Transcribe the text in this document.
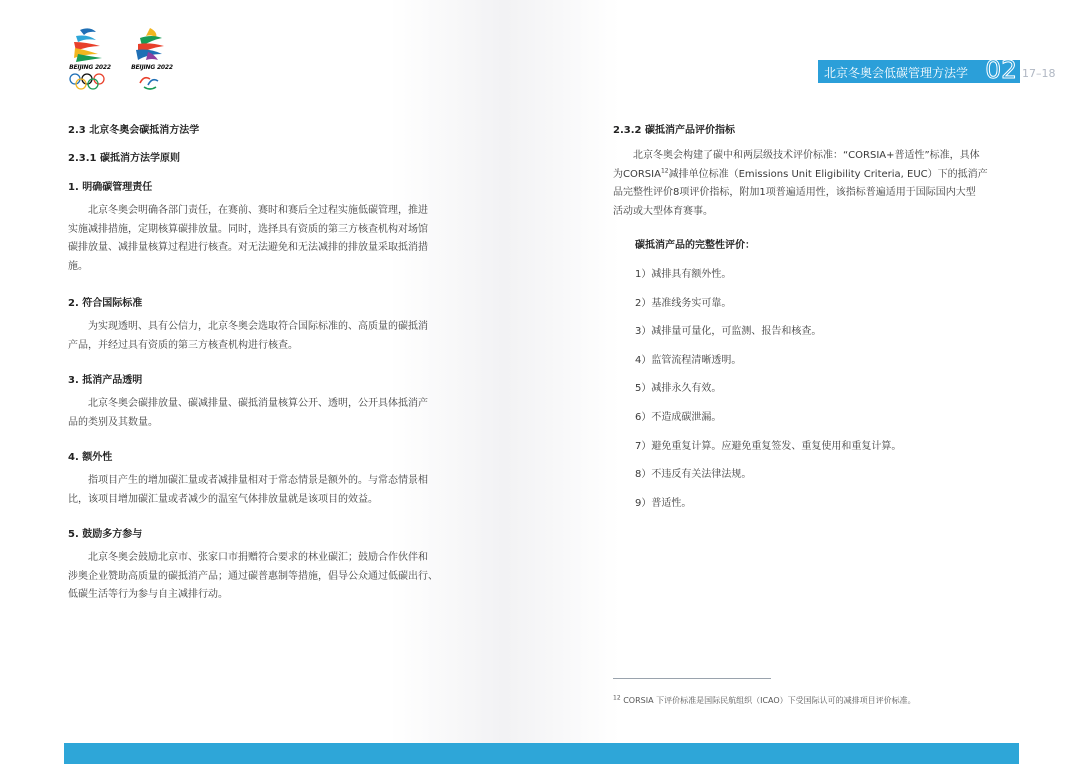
BEIJING 2022	BEIJING 2022	北京冬奥会低碳管理方法学 02 17–18
2.3 北京冬奥会碳抵消方法学
2.3.1 碳抵消方法学原则
1. 明确碳管理责任
北京冬奥会明确各部门责任，在赛前、赛时和赛后全过程实施低碳管理，推进
实施减排措施，定期核算碳排放量。同时，选择具有资质的第三方核查机构对场馆
碳排放量、减排量核算过程进行核查。对无法避免和无法减排的排放量采取抵消措
施。
2. 符合国际标准
为实现透明、具有公信力，北京冬奥会选取符合国际标准的、高质量的碳抵消
产品，并经过具有资质的第三方核查机构进行核查。
3. 抵消产品透明
北京冬奥会碳排放量、碳减排量、碳抵消量核算公开、透明，公开具体抵消产
品的类别及其数量。
4. 额外性
指项目产生的增加碳汇量或者减排量相对于常态情景是额外的。与常态情景相
比，该项目增加碳汇量或者减少的温室气体排放量就是该项目的效益。
5. 鼓励多方参与
北京冬奥会鼓励北京市、张家口市捐赠符合要求的林业碳汇；鼓励合作伙伴和
涉奥企业赞助高质量的碳抵消产品；通过碳普惠制等措施，倡导公众通过低碳出行、
低碳生活等行为参与自主减排行动。
2.3.2 碳抵消产品评价指标
北京冬奥会构建了碳中和两层级技术评价标准：“CORSIA+普适性”标准，具体
为CORSIA$^{12}$减排单位标准（Emissions Unit Eligibility Criteria, EUC）下的抵消产
品完整性评价8项评价指标，附加1项普遍适用性，该指标普遍适用于国际国内大型
活动或大型体育赛事。
碳抵消产品的完整性评价：
1）减排具有额外性。
2）基准线务实可靠。
3）减排量可量化，可监测、报告和核查。
4）监管流程清晰透明。
5）减排永久有效。
6）不造成碳泄漏。
7）避免重复计算。应避免重复签发、重复使用和重复计算。
8）不违反有关法律法规。
9）普适性。
$^{12}$ CORSIA 下评价标准是国际民航组织（ICAO）下受国际认可的减排项目评价标准。
